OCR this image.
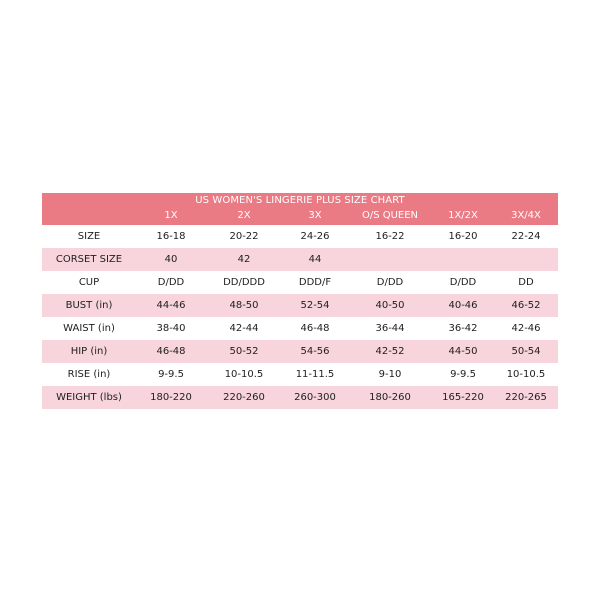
US WOMEN'S LINGERIE PLUS SIZE CHART
1X	2X	3X	O/S QUEEN	1X/2X	3X/4X
SIZE	16-18	20-22	24-26	16-22	16-20	22-24
CORSET SIZE	40	42	44
CUP	D/DD	DD/DDD	DDD/F	D/DD	D/DD	DD
BUST (in)	44-46	48-50	52-54	40-50	40-46	46-52
WAIST (in)	38-40	42-44	46-48	36-44	36-42	42-46
HIP (in)	46-48	50-52	54-56	42-52	44-50	50-54
RISE (in)	9-9.5	10-10.5	11-11.5	9-10	9-9.5	10-10.5
WEIGHT (lbs)	180-220	220-260	260-300	180-260	165-220	220-265
